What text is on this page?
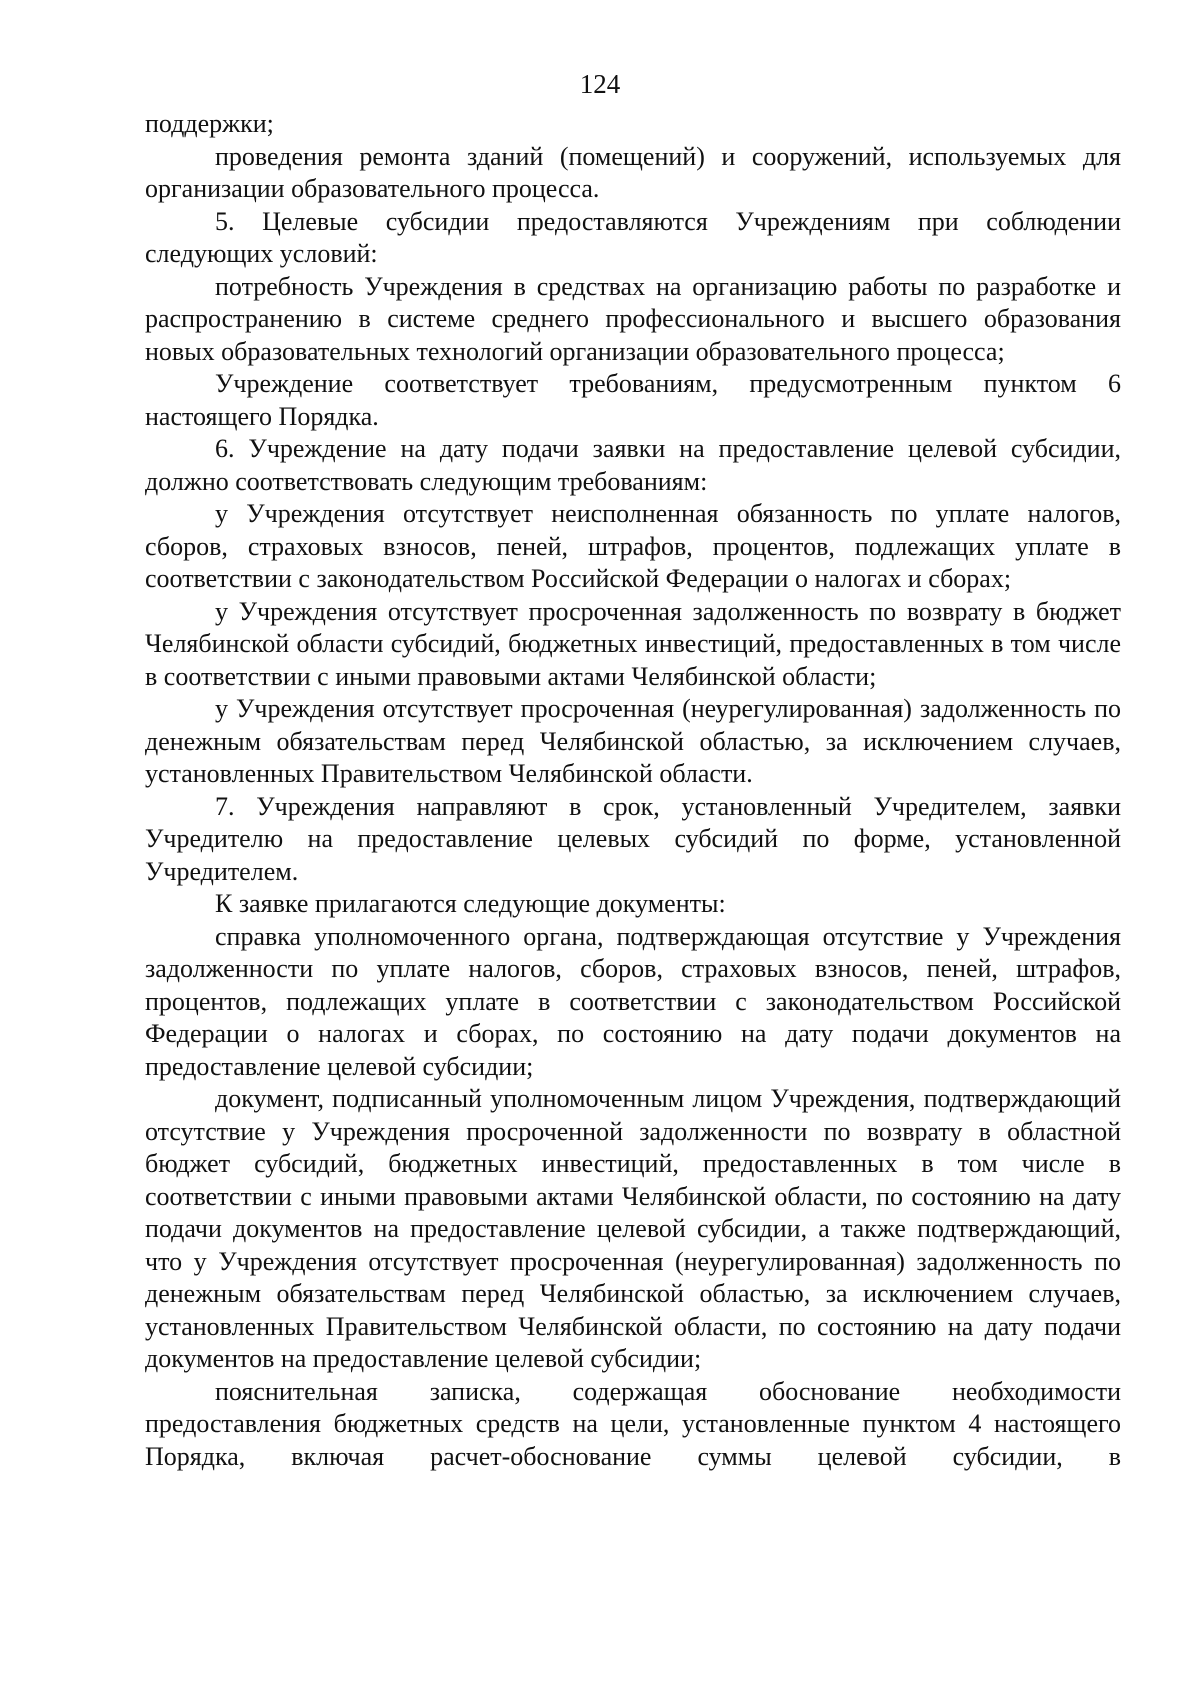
124

поддержки;

проведения ремонта зданий (помещений) и сооружений, используемых для организации образовательного процесса.

5. Целевые субсидии предоставляются Учреждениям при соблюдении следующих условий:

потребность Учреждения в средствах на организацию работы по разработке и распространению в системе среднего профессионального и высшего образования новых образовательных технологий организации образовательного процесса;

Учреждение соответствует требованиям, предусмотренным пунктом 6 настоящего Порядка.

6. Учреждение на дату подачи заявки на предоставление целевой субсидии, должно соответствовать следующим требованиям:

у Учреждения отсутствует неисполненная обязанность по уплате налогов, сборов, страховых взносов, пеней, штрафов, процентов, подлежащих уплате в соответствии с законодательством Российской Федерации о налогах и сборах;

у Учреждения отсутствует просроченная задолженность по возврату в бюджет Челябинской области субсидий, бюджетных инвестиций, предоставленных в том числе в соответствии с иными правовыми актами Челябинской области;

у Учреждения отсутствует просроченная (неурегулированная) задолженность по денежным обязательствам перед Челябинской областью, за исключением случаев, установленных Правительством Челябинской области.

7. Учреждения направляют в срок, установленный Учредителем, заявки Учредителю на предоставление целевых субсидий по форме, установленной Учредителем.

К заявке прилагаются следующие документы:

справка уполномоченного органа, подтверждающая отсутствие у Учреждения задолженности по уплате налогов, сборов, страховых взносов, пеней, штрафов, процентов, подлежащих уплате в соответствии с законодательством Российской Федерации о налогах и сборах, по состоянию на дату подачи документов на предоставление целевой субсидии;

документ, подписанный уполномоченным лицом Учреждения, подтверждающий отсутствие у Учреждения просроченной задолженности по возврату в областной бюджет субсидий, бюджетных инвестиций, предоставленных в том числе в соответствии с иными правовыми актами Челябинской области, по состоянию на дату подачи документов на предоставление целевой субсидии, а также подтверждающий, что у Учреждения отсутствует просроченная (неурегулированная) задолженность по денежным обязательствам перед Челябинской областью, за исключением случаев, установленных Правительством Челябинской области, по состоянию на дату подачи документов на предоставление целевой субсидии;

пояснительная записка, содержащая обоснование необходимости предоставления бюджетных средств на цели, установленные пунктом 4 настоящего Порядка, включая расчет-обоснование суммы целевой субсидии, в
